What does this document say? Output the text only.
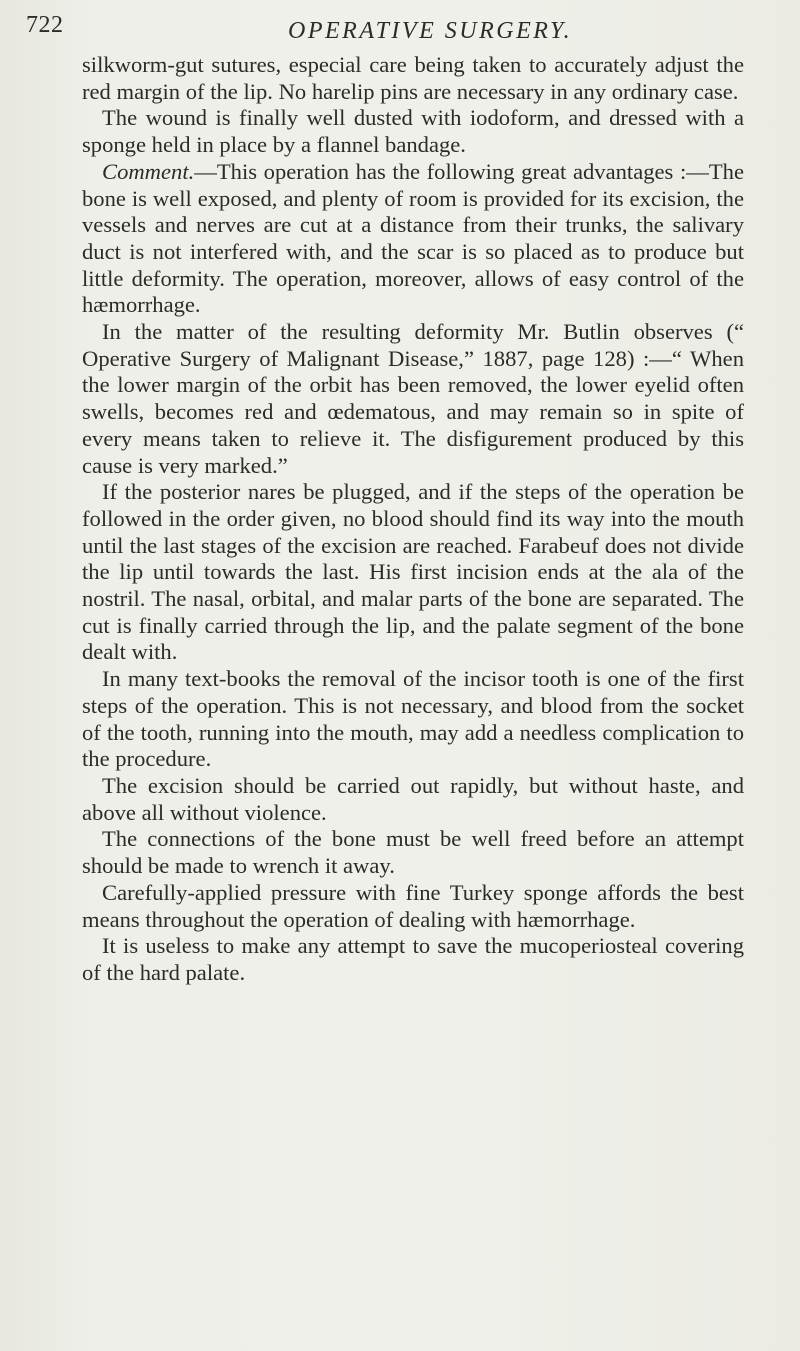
722	OPERATIVE SURGERY.

silkworm-gut sutures, especial care being taken to accurately adjust the red margin of the lip. No harelip pins are necessary in any ordinary case.

The wound is finally well dusted with iodoform, and dressed with a sponge held in place by a flannel bandage.

Comment.—This operation has the following great advantages :—The bone is well exposed, and plenty of room is provided for its excision, the vessels and nerves are cut at a distance from their trunks, the salivary duct is not interfered with, and the scar is so placed as to produce but little deformity. The operation, moreover, allows of easy control of the hæmorrhage.

In the matter of the resulting deformity Mr. Butlin observes (“ Operative Surgery of Malignant Disease,” 1887, page 128) :—“ When the lower margin of the orbit has been removed, the lower eyelid often swells, becomes red and œdematous, and may remain so in spite of every means taken to relieve it. The disfigurement produced by this cause is very marked.”

If the posterior nares be plugged, and if the steps of the operation be followed in the order given, no blood should find its way into the mouth until the last stages of the excision are reached. Farabeuf does not divide the lip until towards the last. His first incision ends at the ala of the nostril. The nasal, orbital, and malar parts of the bone are separated. The cut is finally carried through the lip, and the palate segment of the bone dealt with.

In many text-books the removal of the incisor tooth is one of the first steps of the operation. This is not necessary, and blood from the socket of the tooth, running into the mouth, may add a needless complication to the procedure.

The excision should be carried out rapidly, but without haste, and above all without violence.

The connections of the bone must be well freed before an attempt should be made to wrench it away.

Carefully-applied pressure with fine Turkey sponge affords the best means throughout the operation of dealing with hæmorrhage.

It is useless to make any attempt to save the mucoperiosteal covering of the hard palate.
